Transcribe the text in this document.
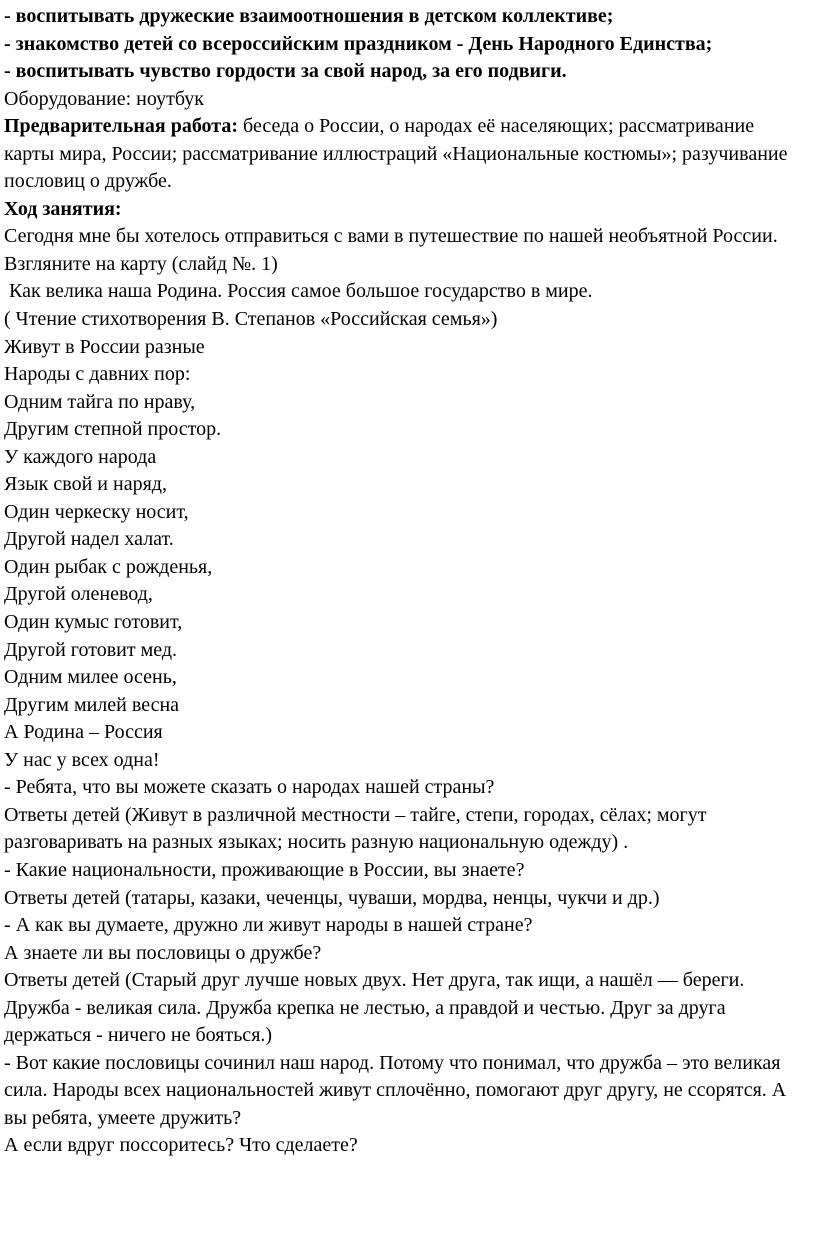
- воспитывать дружеские взаимоотношения в детском коллективе;

- знакомство детей со всероссийским праздником - День Народного Единства;

- воспитывать чувство гордости за свой народ, за его подвиги.

Оборудование: ноутбук

Предварительная работа: беседа о России, о народах её населяющих; рассматривание карты мира, России; рассматривание иллюстраций «Национальные костюмы»; разучивание пословиц о дружбе.

Ход занятия:

Сегодня мне бы хотелось отправиться с вами в путешествие по нашей необъятной России. Взгляните на карту (слайд №. 1)

Как велика наша Родина. Россия самое большое государство в мире.

( Чтение стихотворения В. Степанов «Российская семья»)

Живут в России разные

Народы с давних пор:

Одним тайга по нраву,

Другим степной простор.

У каждого народа

Язык свой и наряд,

Один черкеску носит,

Другой надел халат.

Один рыбак с рожденья,

Другой оленевод,

Один кумыс готовит,

Другой готовит мед.

Одним милее осень,

Другим милей весна

А Родина – Россия

У нас у всех одна!

- Ребята, что вы можете сказать о народах нашей страны?

Ответы детей (Живут в различной местности – тайге, степи, городах, сёлах; могут разговаривать на разных языках; носить разную национальную одежду) .

- Какие национальности, проживающие в России, вы знаете?

Ответы детей (татары, казаки, чеченцы, чуваши, мордва, ненцы, чукчи и др.)

- А как вы думаете, дружно ли живут народы в нашей стране?

А знаете ли вы пословицы о дружбе?

Ответы детей (Старый друг лучше новых двух. Нет друга, так ищи, а нашёл — береги. Дружба - великая сила. Дружба крепка не лестью, а правдой и честью. Друг за друга держаться - ничего не бояться.)

- Вот какие пословицы сочинил наш народ. Потому что понимал, что дружба – это великая сила. Народы всех национальностей живут сплочённо, помогают друг другу, не ссорятся. А вы ребята, умеете дружить?

А если вдруг поссоритесь? Что сделаете?
